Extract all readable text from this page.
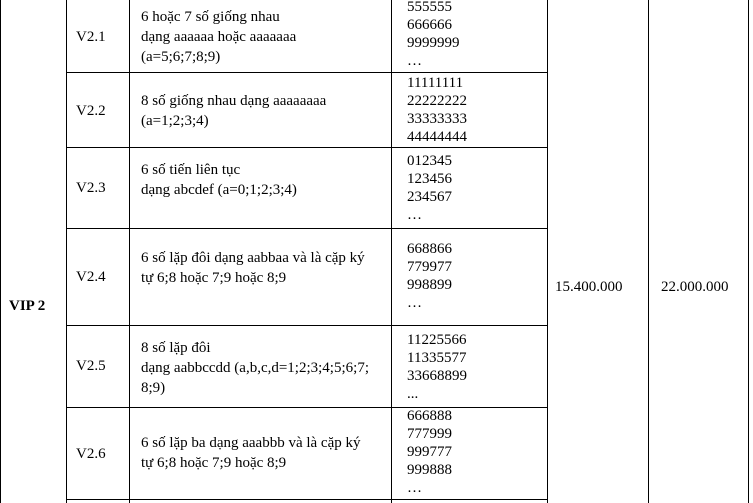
VIP 2
15.400.000	22.000.000
V2.1
6 hoặc 7 số giống nhau
dạng aaaaaa hoặc aaaaaaa
(a=5;6;7;8;9)
555555
666666
9999999
…
V2.2
8 số giống nhau dạng aaaaaaaa
(a=1;2;3;4)
11111111
22222222
33333333
44444444
V2.3
6 số tiến liên tục
dạng abcdef (a=0;1;2;3;4)
012345
123456
234567
…
V2.4
6 số lặp đôi dạng aabbaa và là cặp ký
tự 6;8 hoặc 7;9 hoặc 8;9
668866
779977
998899
…
V2.5
8 số lặp đôi
dạng aabbccdd (a,b,c,d=1;2;3;4;5;6;7;
8;9)
11225566
11335577
33668899
...
V2.6
6 số lặp ba dạng aaabbb và là cặp ký
tự 6;8 hoặc 7;9 hoặc 8;9
666888
777999
999777
999888
…
